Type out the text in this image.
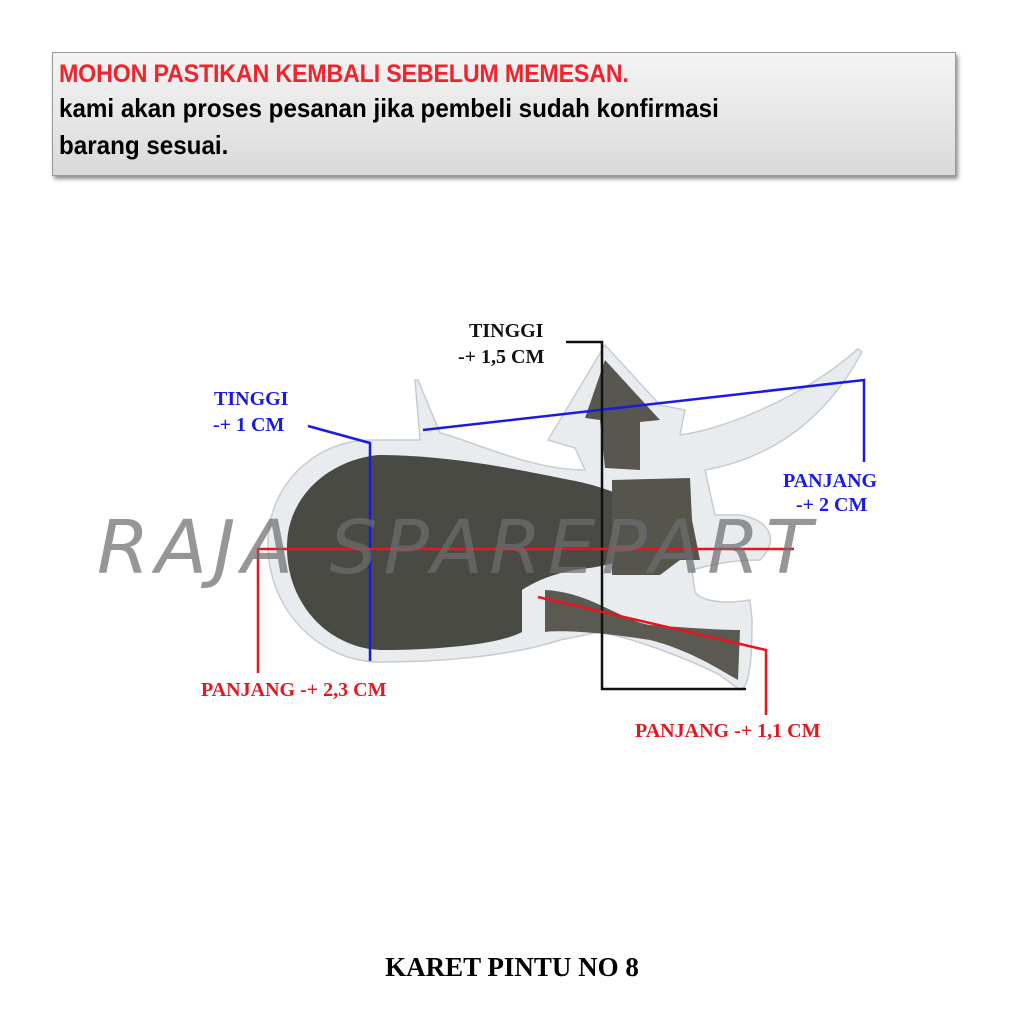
MOHON PASTIKAN KEMBALI SEBELUM MEMESAN.
kami akan proses pesanan jika pembeli sudah konfirmasi
barang sesuai.
RAJA SPAREPART
TINGGI
-+ 1 CM
TINGGI
-+ 1,5 CM
PANJANG
-+ 2 CM
PANJANG -+ 2,3 CM
PANJANG -+ 1,1 CM
KARET PINTU NO 8
